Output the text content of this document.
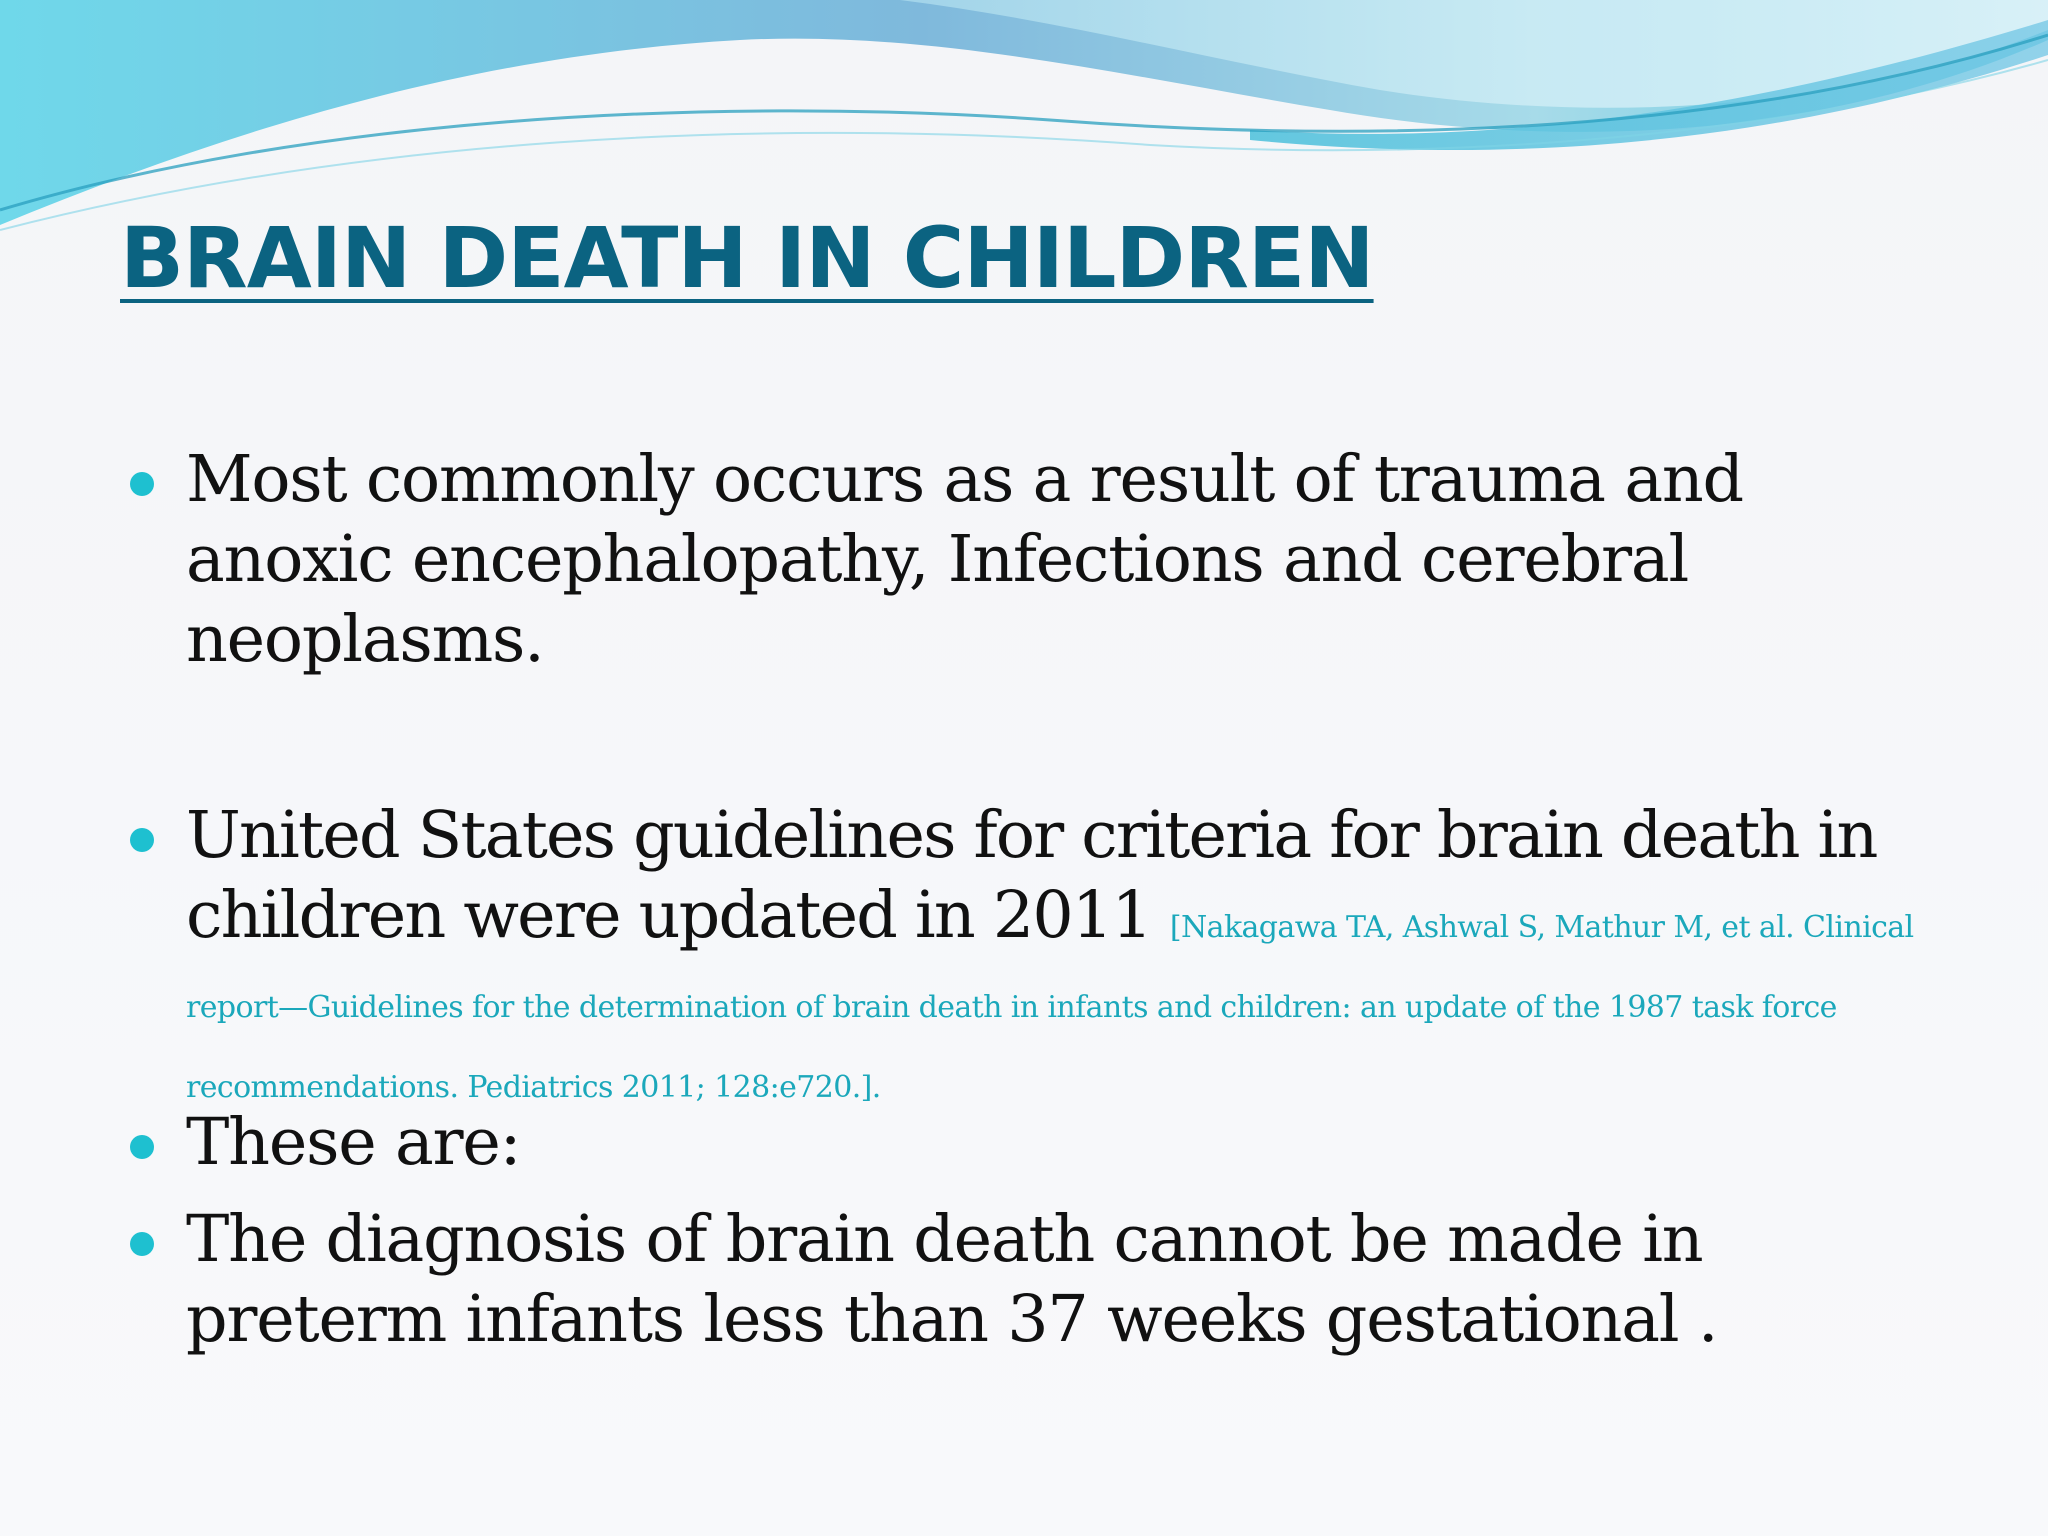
BRAIN DEATH IN CHILDREN
Most commonly occurs as a result of trauma and anoxic encephalopathy, Infections and cerebral neoplasms.
United States guidelines for criteria for brain death in children were updated in 2011 [Nakagawa TA, Ashwal S, Mathur M, et al. Clinical report—Guidelines for the determination of brain death in infants and children: an update of the 1987 task force recommendations. Pediatrics 2011; 128:e720.].
These are:
The diagnosis of brain death cannot be made in preterm infants less than 37 weeks gestational .
